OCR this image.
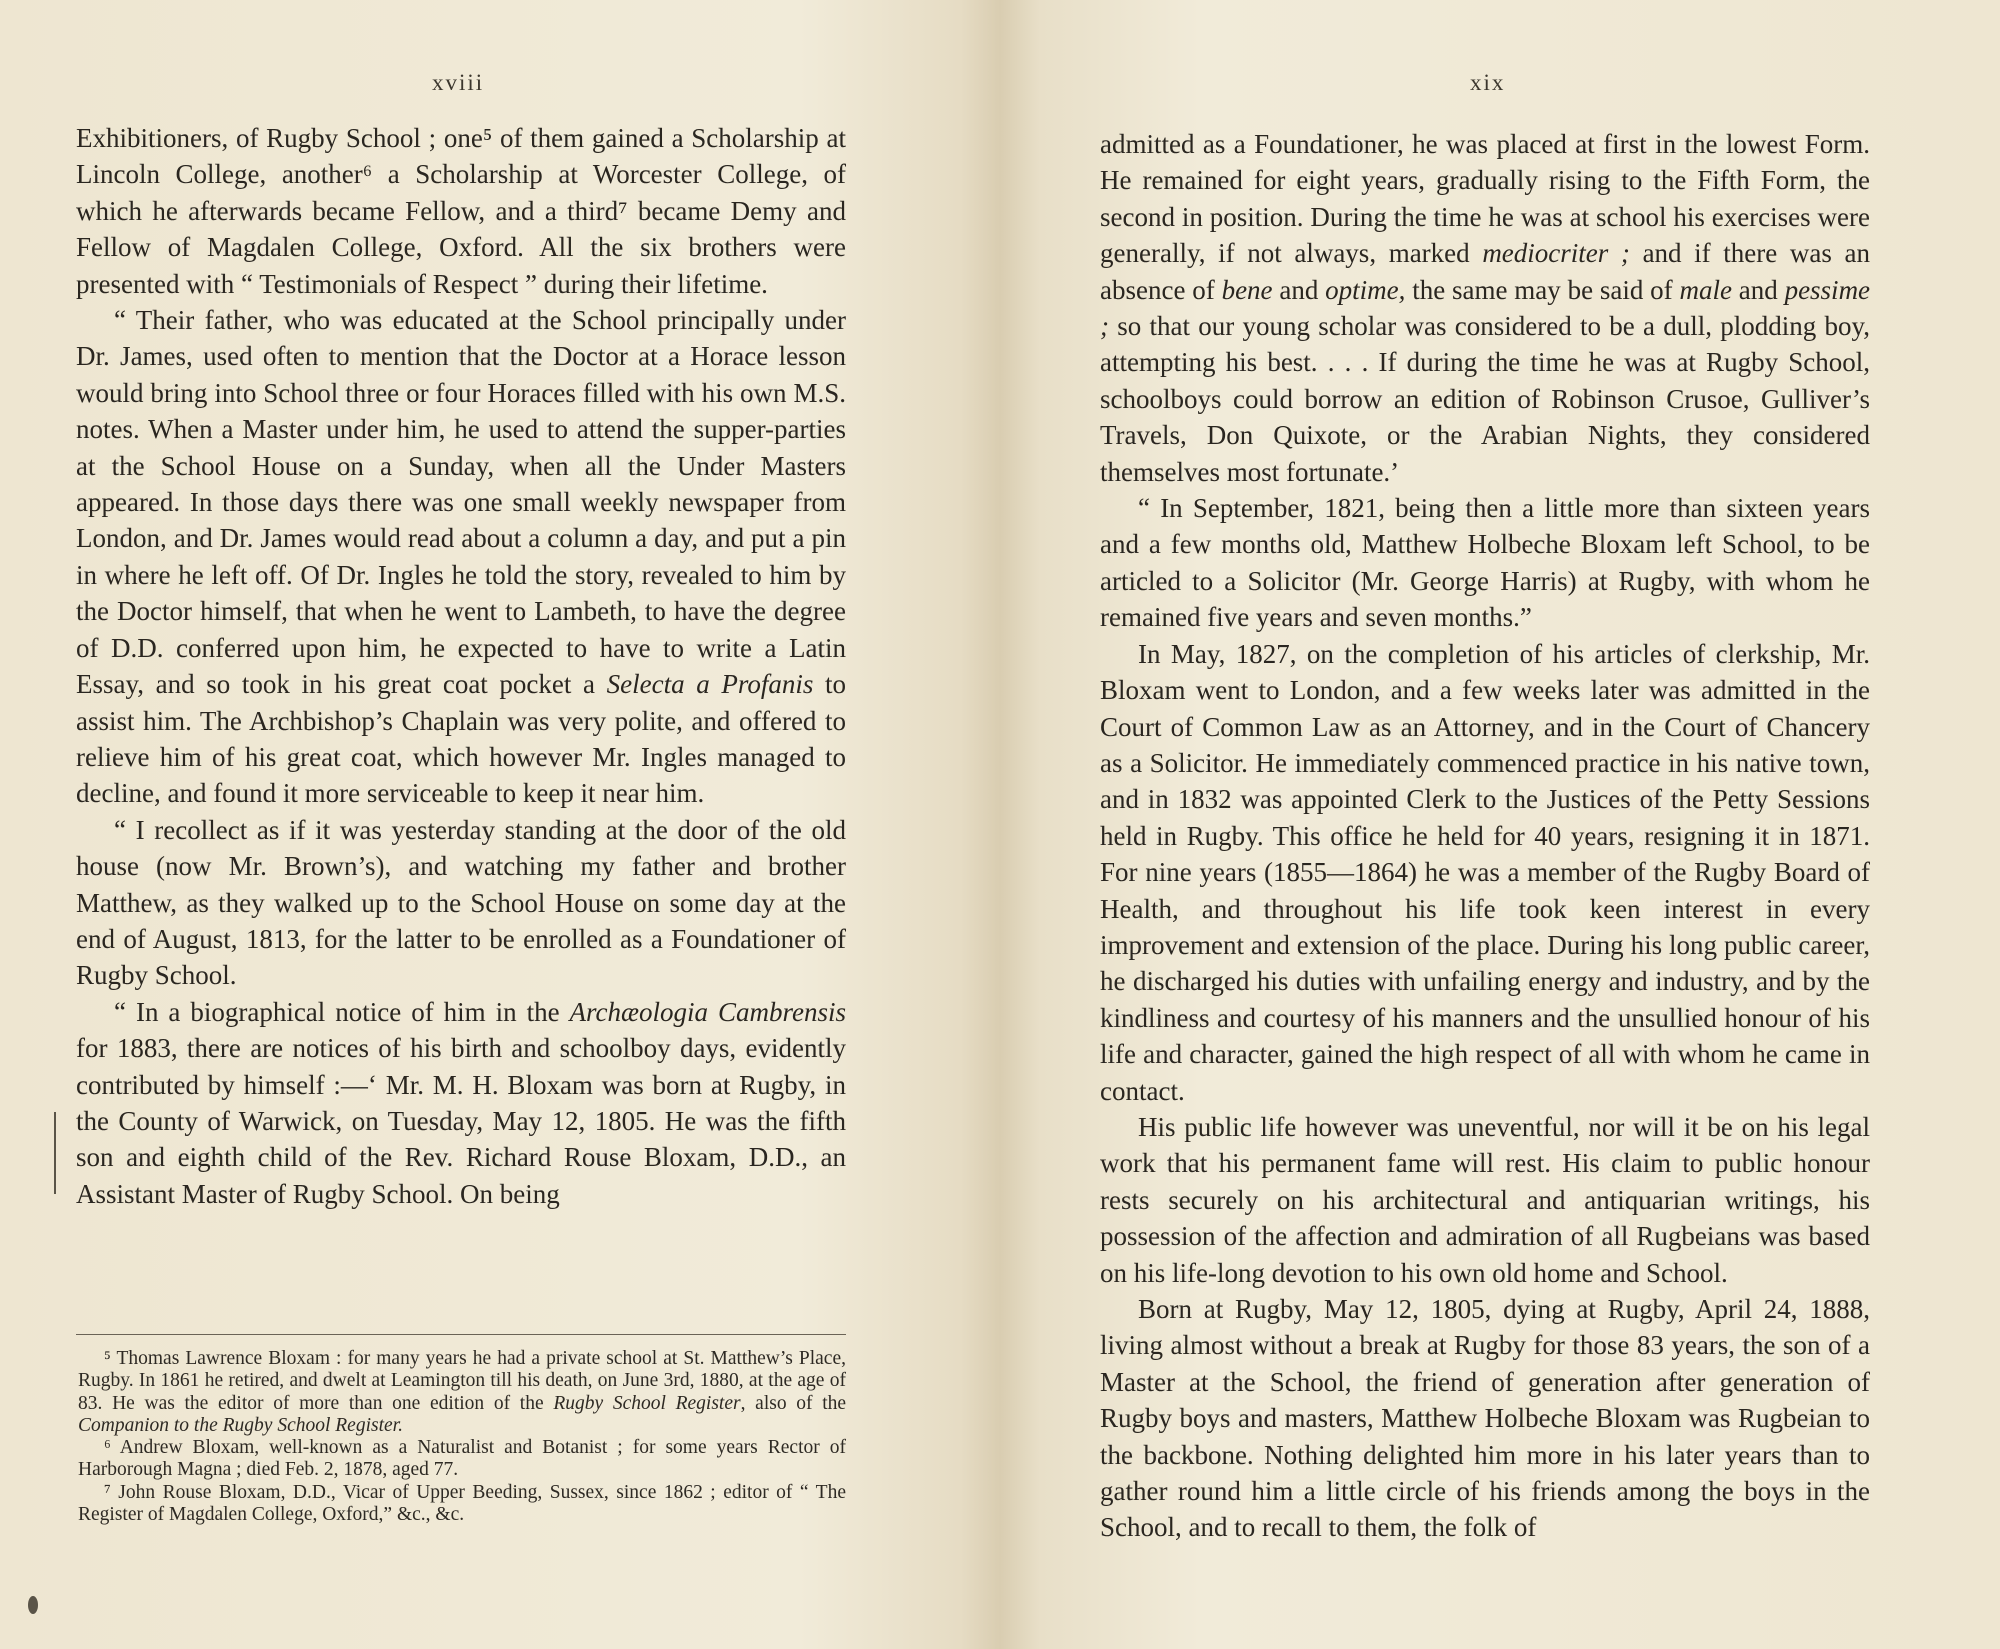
xviii

Exhibitioners, of Rugby School ; one⁵ of them gained a Scholarship at Lincoln College, another⁶ a Scholarship at Worcester College, of which he afterwards became Fellow, and a third⁷ became Demy and Fellow of Magdalen College, Oxford. All the six brothers were presented with “ Testimonials of Respect ” during their lifetime.

“ Their father, who was educated at the School principally under Dr. James, used often to mention that the Doctor at a Horace lesson would bring into School three or four Horaces filled with his own M.S. notes. When a Master under him, he used to attend the supper-parties at the School House on a Sunday, when all the Under Masters appeared. In those days there was one small weekly newspaper from London, and Dr. James would read about a column a day, and put a pin in where he left off. Of Dr. Ingles he told the story, revealed to him by the Doctor himself, that when he went to Lambeth, to have the degree of D.D. conferred upon him, he expected to have to write a Latin Essay, and so took in his great coat pocket a Selecta a Profanis to assist him. The Archbishop’s Chaplain was very polite, and offered to relieve him of his great coat, which however Mr. Ingles managed to decline, and found it more serviceable to keep it near him.

“ I recollect as if it was yesterday standing at the door of the old house (now Mr. Brown’s), and watching my father and brother Matthew, as they walked up to the School House on some day at the end of August, 1813, for the latter to be enrolled as a Foundationer of Rugby School.

“ In a biographical notice of him in the Archæologia Cambrensis for 1883, there are notices of his birth and schoolboy days, evidently contributed by himself :—‘ Mr. M. H. Bloxam was born at Rugby, in the County of Warwick, on Tuesday, May 12, 1805. He was the fifth son and eighth child of the Rev. Richard Rouse Bloxam, D.D., an Assistant Master of Rugby School. On being

⁵ Thomas Lawrence Bloxam : for many years he had a private school at St. Matthew’s Place, Rugby. In 1861 he retired, and dwelt at Leamington till his death, on June 3rd, 1880, at the age of 83. He was the editor of more than one edition of the Rugby School Register, also of the Companion to the Rugby School Register.

⁶ Andrew Bloxam, well-known as a Naturalist and Botanist ; for some years Rector of Harborough Magna ; died Feb. 2, 1878, aged 77.

⁷ John Rouse Bloxam, D.D., Vicar of Upper Beeding, Sussex, since 1862 ; editor of “ The Register of Magdalen College, Oxford,” &c., &c.

xix

admitted as a Foundationer, he was placed at first in the lowest Form. He remained for eight years, gradually rising to the Fifth Form, the second in position. During the time he was at school his exercises were generally, if not always, marked mediocriter ; and if there was an absence of bene and optime, the same may be said of male and pessime ; so that our young scholar was considered to be a dull, plodding boy, attempting his best. . . . If during the time he was at Rugby School, schoolboys could borrow an edition of Robinson Crusoe, Gulliver’s Travels, Don Quixote, or the Arabian Nights, they considered themselves most fortunate.’

“ In September, 1821, being then a little more than sixteen years and a few months old, Matthew Holbeche Bloxam left School, to be articled to a Solicitor (Mr. George Harris) at Rugby, with whom he remained five years and seven months.”

In May, 1827, on the completion of his articles of clerkship, Mr. Bloxam went to London, and a few weeks later was admitted in the Court of Common Law as an Attorney, and in the Court of Chancery as a Solicitor. He immediately commenced practice in his native town, and in 1832 was appointed Clerk to the Justices of the Petty Sessions held in Rugby. This office he held for 40 years, resigning it in 1871. For nine years (1855—1864) he was a member of the Rugby Board of Health, and throughout his life took keen interest in every improvement and extension of the place. During his long public career, he discharged his duties with unfailing energy and industry, and by the kindliness and courtesy of his manners and the unsullied honour of his life and character, gained the high respect of all with whom he came in contact.

His public life however was uneventful, nor will it be on his legal work that his permanent fame will rest. His claim to public honour rests securely on his architectural and antiquarian writings, his possession of the affection and admiration of all Rugbeians was based on his life-long devotion to his own old home and School.

Born at Rugby, May 12, 1805, dying at Rugby, April 24, 1888, living almost without a break at Rugby for those 83 years, the son of a Master at the School, the friend of generation after generation of Rugby boys and masters, Matthew Holbeche Bloxam was Rugbeian to the backbone. Nothing delighted him more in his later years than to gather round him a little circle of his friends among the boys in the School, and to recall to them, the folk of
